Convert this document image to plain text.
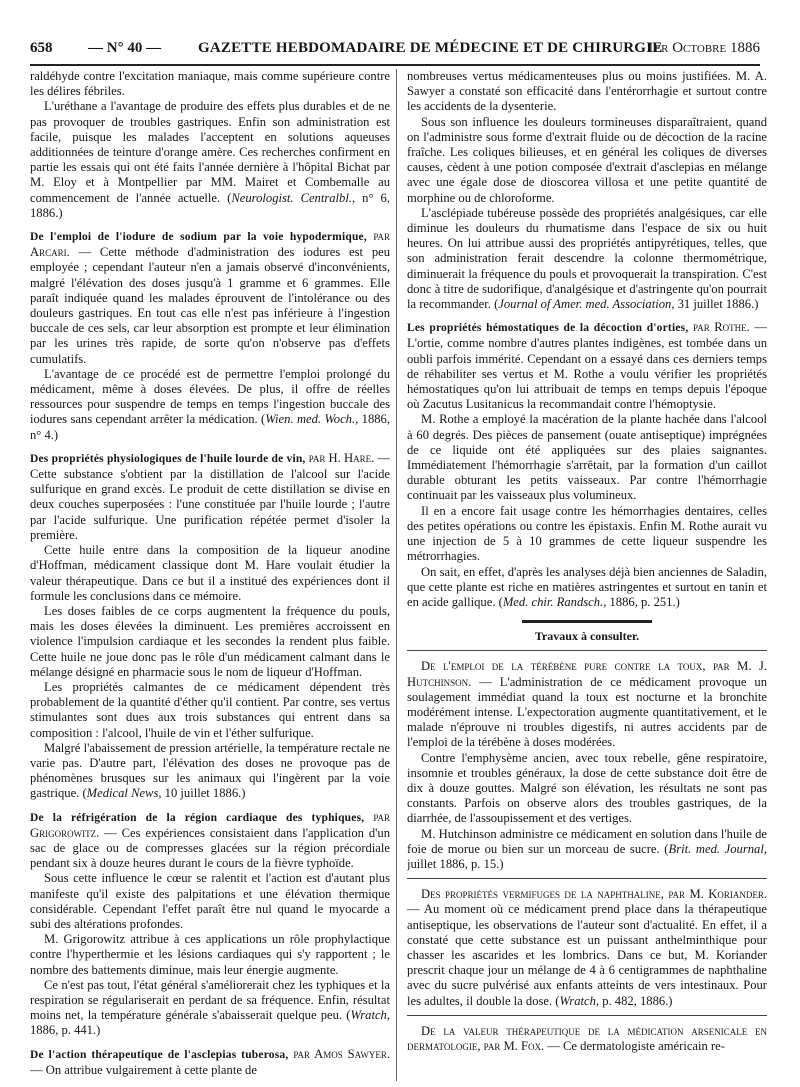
658 — N° 40 — GAZETTE HEBDOMADAIRE DE MÉDECINE ET DE CHIRURGIE
1er Octobre 1886

raldéhyde contre l'excitation maniaque, mais comme supérieure contre les délires fébriles.

L'uréthane a l'avantage de produire des effets plus durables et de ne pas provoquer de troubles gastriques. Enfin son administration est facile, puisque les malades l'acceptent en solutions aqueuses additionnées de teinture d'orange amère. Ces recherches confirment en partie les essais qui ont été faits l'année dernière à l'hôpital Bichat par M. Eloy et à Montpellier par MM. Mairet et Combemalle au commencement de l'année actuelle. (Neurologist. Centralbl., n° 6, 1886.)

De l'emploi de l'iodure de sodium par la voie hypodermique, par Arcari. — Cette méthode d'administration des iodures est peu employée ; cependant l'auteur n'en a jamais observé d'inconvénients, malgré l'élévation des doses jusqu'à 1 gramme et 6 grammes. Elle paraît indiquée quand les malades éprouvent de l'intolérance ou des douleurs gastriques. En tout cas elle n'est pas inférieure à l'ingestion buccale de ces sels, car leur absorption est prompte et leur élimination par les urines très rapide, de sorte qu'on n'observe pas d'effets cumulatifs.

L'avantage de ce procédé est de permettre l'emploi prolongé du médicament, même à doses élevées. De plus, il offre de réelles ressources pour suspendre de temps en temps l'ingestion buccale des iodures sans cependant arrêter la médication. (Wien. med. Woch., 1886, n° 4.)

Des propriétés physiologiques de l'huile lourde de vin, par H. Hare. — Cette substance s'obtient par la distillation de l'alcool sur l'acide sulfurique en grand excès. Le produit de cette distillation se divise en deux couches superposées : l'une constituée par l'huile lourde ; l'autre par l'acide sulfurique. Une purification répétée permet d'isoler la première.

Cette huile entre dans la composition de la liqueur anodine d'Hoffman, médicament classique dont M. Hare voulait étudier la valeur thérapeutique. Dans ce but il a institué des expériences dont il formule les conclusions dans ce mémoire.

Les doses faibles de ce corps augmentent la fréquence du pouls, mais les doses élevées la diminuent. Les premières accroissent en violence l'impulsion cardiaque et les secondes la rendent plus faible. Cette huile ne joue donc pas le rôle d'un médicament calmant dans le mélange désigné en pharmacie sous le nom de liqueur d'Hoffman.

Les propriétés calmantes de ce médicament dépendent très probablement de la quantité d'éther qu'il contient. Par contre, ses vertus stimulantes sont dues aux trois substances qui entrent dans sa composition : l'alcool, l'huile de vin et l'éther sulfurique.

Malgré l'abaissement de pression artérielle, la température rectale ne varie pas. D'autre part, l'élévation des doses ne provoque pas de phénomènes brusques sur les animaux qui l'ingèrent par la voie gastrique. (Medical News, 10 juillet 1886.)

De la réfrigération de la région cardiaque des typhiques, par Grigorowitz. — Ces expériences consistaient dans l'application d'un sac de glace ou de compresses glacées sur la région précordiale pendant six à douze heures durant le cours de la fièvre typhoïde.

Sous cette influence le cœur se ralentit et l'action est d'autant plus manifeste qu'il existe des palpitations et une élévation thermique considérable. Cependant l'effet paraît être nul quand le myocarde a subi des altérations profondes.

M. Grigorowitz attribue à ces applications un rôle prophylactique contre l'hyperthermie et les lésions cardiaques qui s'y rapportent ; le nombre des battements diminue, mais leur énergie augmente.

Ce n'est pas tout, l'état général s'améliorerait chez les typhiques et la respiration se régulariserait en perdant de sa fréquence. Enfin, résultat moins net, la température générale s'abaisserait quelque peu. (Wratch, 1886, p. 441.)

De l'action thérapeutique de l'asclepias tuberosa, par Amos Sawyer. — On attribue vulgairement à cette plante de

nombreuses vertus médicamenteuses plus ou moins justifiées. M. A. Sawyer a constaté son efficacité dans l'entérorrhagie et surtout contre les accidents de la dysenterie.

Sous son influence les douleurs tormineuses disparaîtraient, quand on l'administre sous forme d'extrait fluide ou de décoction de la racine fraîche. Les coliques bilieuses, et en général les coliques de diverses causes, cèdent à une potion composée d'extrait d'asclepias en mélange avec une égale dose de dioscorea villosa et une petite quantité de morphine ou de chloroforme.

L'asclépiade tubéreuse possède des propriétés analgésiques, car elle diminue les douleurs du rhumatisme dans l'espace de six ou huit heures. On lui attribue aussi des propriétés antipyrétiques, telles, que son administration ferait descendre la colonne thermométrique, diminuerait la fréquence du pouls et provoquerait la transpiration. C'est donc à titre de sudorifique, d'analgésique et d'astringente qu'on pourrait la recommander. (Journal of Amer. med. Association, 31 juillet 1886.)

Les propriétés hémostatiques de la décoction d'orties, par Rothe. — L'ortie, comme nombre d'autres plantes indigènes, est tombée dans un oubli parfois immérité. Cependant on a essayé dans ces derniers temps de réhabiliter ses vertus et M. Rothe a voulu vérifier les propriétés hémostatiques qu'on lui attribuait de temps en temps depuis l'époque où Zacutus Lusitanicus la recommandait contre l'hémoptysie.

M. Rothe a employé la macération de la plante hachée dans l'alcool à 60 degrés. Des pièces de pansement (ouate antiseptique) imprégnées de ce liquide ont été appliquées sur des plaies saignantes. Immédiatement l'hémorrhagie s'arrêtait, par la formation d'un caillot durable obturant les petits vaisseaux. Par contre l'hémorrhagie continuait par les vaisseaux plus volumineux.

Il en a encore fait usage contre les hémorrhagies dentaires, celles des petites opérations ou contre les épistaxis. Enfin M. Rothe aurait vu une injection de 5 à 10 grammes de cette liqueur suspendre les métrorrhagies.

On sait, en effet, d'après les analyses déjà bien anciennes de Saladin, que cette plante est riche en matières astringentes et surtout en tanin et en acide gallique. (Med. chir. Randsch., 1886, p. 251.)

Travaux à consulter.

De l'emploi de la térébène pure contre la toux, par M. J. Hutchinson. — L'administration de ce médicament provoque un soulagement immédiat quand la toux est nocturne et la bronchite modérément intense. L'expectoration augmente quantitativement, et le malade n'éprouve ni troubles digestifs, ni autres accidents par de l'emploi de la térébène à doses modérées.

Contre l'emphysème ancien, avec toux rebelle, gêne respiratoire, insomnie et troubles généraux, la dose de cette substance doit être de dix à douze gouttes. Malgré son élévation, les résultats ne sont pas constants. Parfois on observe alors des troubles gastriques, de la diarrhée, de l'assoupissement et des vertiges.

M. Hutchinson administre ce médicament en solution dans l'huile de foie de morue ou bien sur un morceau de sucre. (Brit. med. Journal, juillet 1886, p. 15.)

Des propriétés vermifuges de la naphthaline, par M. Koriander. — Au moment où ce médicament prend place dans la thérapeutique antiseptique, les observations de l'auteur sont d'actualité. En effet, il a constaté que cette substance est un puissant anthelminthique pour chasser les ascarides et les lombrics. Dans ce but, M. Koriander prescrit chaque jour un mélange de 4 à 6 centigrammes de naphthaline avec du sucre pulvérisé aux enfants atteints de vers intestinaux. Pour les adultes, il double la dose. (Wratch, p. 482, 1886.)

De la valeur thérapeutique de la médication arsenicale en dermatologie, par M. Fox. — Ce dermatologiste américain re-
